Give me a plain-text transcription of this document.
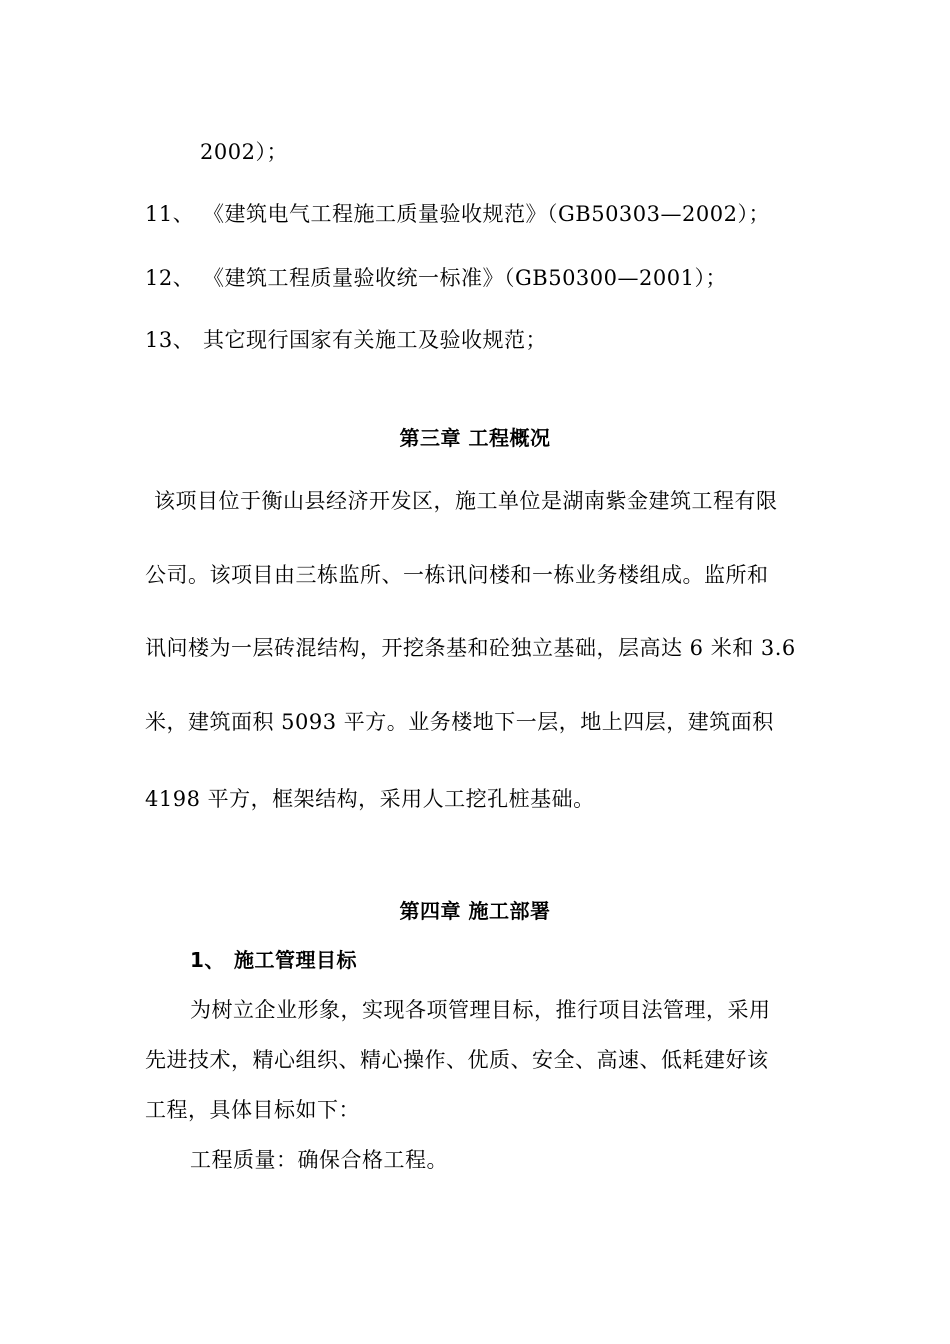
2002）；
11、 《建筑电气工程施工质量验收规范》（GB50303—2002）；
12、 《建筑工程质量验收统一标准》（GB50300—2001）；
13、 其它现行国家有关施工及验收规范；
第三章 工程概况
该项目位于衡山县经济开发区，施工单位是湖南紫金建筑工程有限
公司。该项目由三栋监所、一栋讯问楼和一栋业务楼组成。监所和
讯问楼为一层砖混结构，开挖条基和砼独立基础，层高达 6 米和 3.6
米，建筑面积 5093 平方。业务楼地下一层，地上四层，建筑面积
4198 平方，框架结构，采用人工挖孔桩基础。
第四章 施工部署
1、 施工管理目标
为树立企业形象，实现各项管理目标，推行项目法管理，采用
先进技术，精心组织、精心操作、优质、安全、高速、低耗建好该
工程，具体目标如下：
工程质量：确保合格工程。
